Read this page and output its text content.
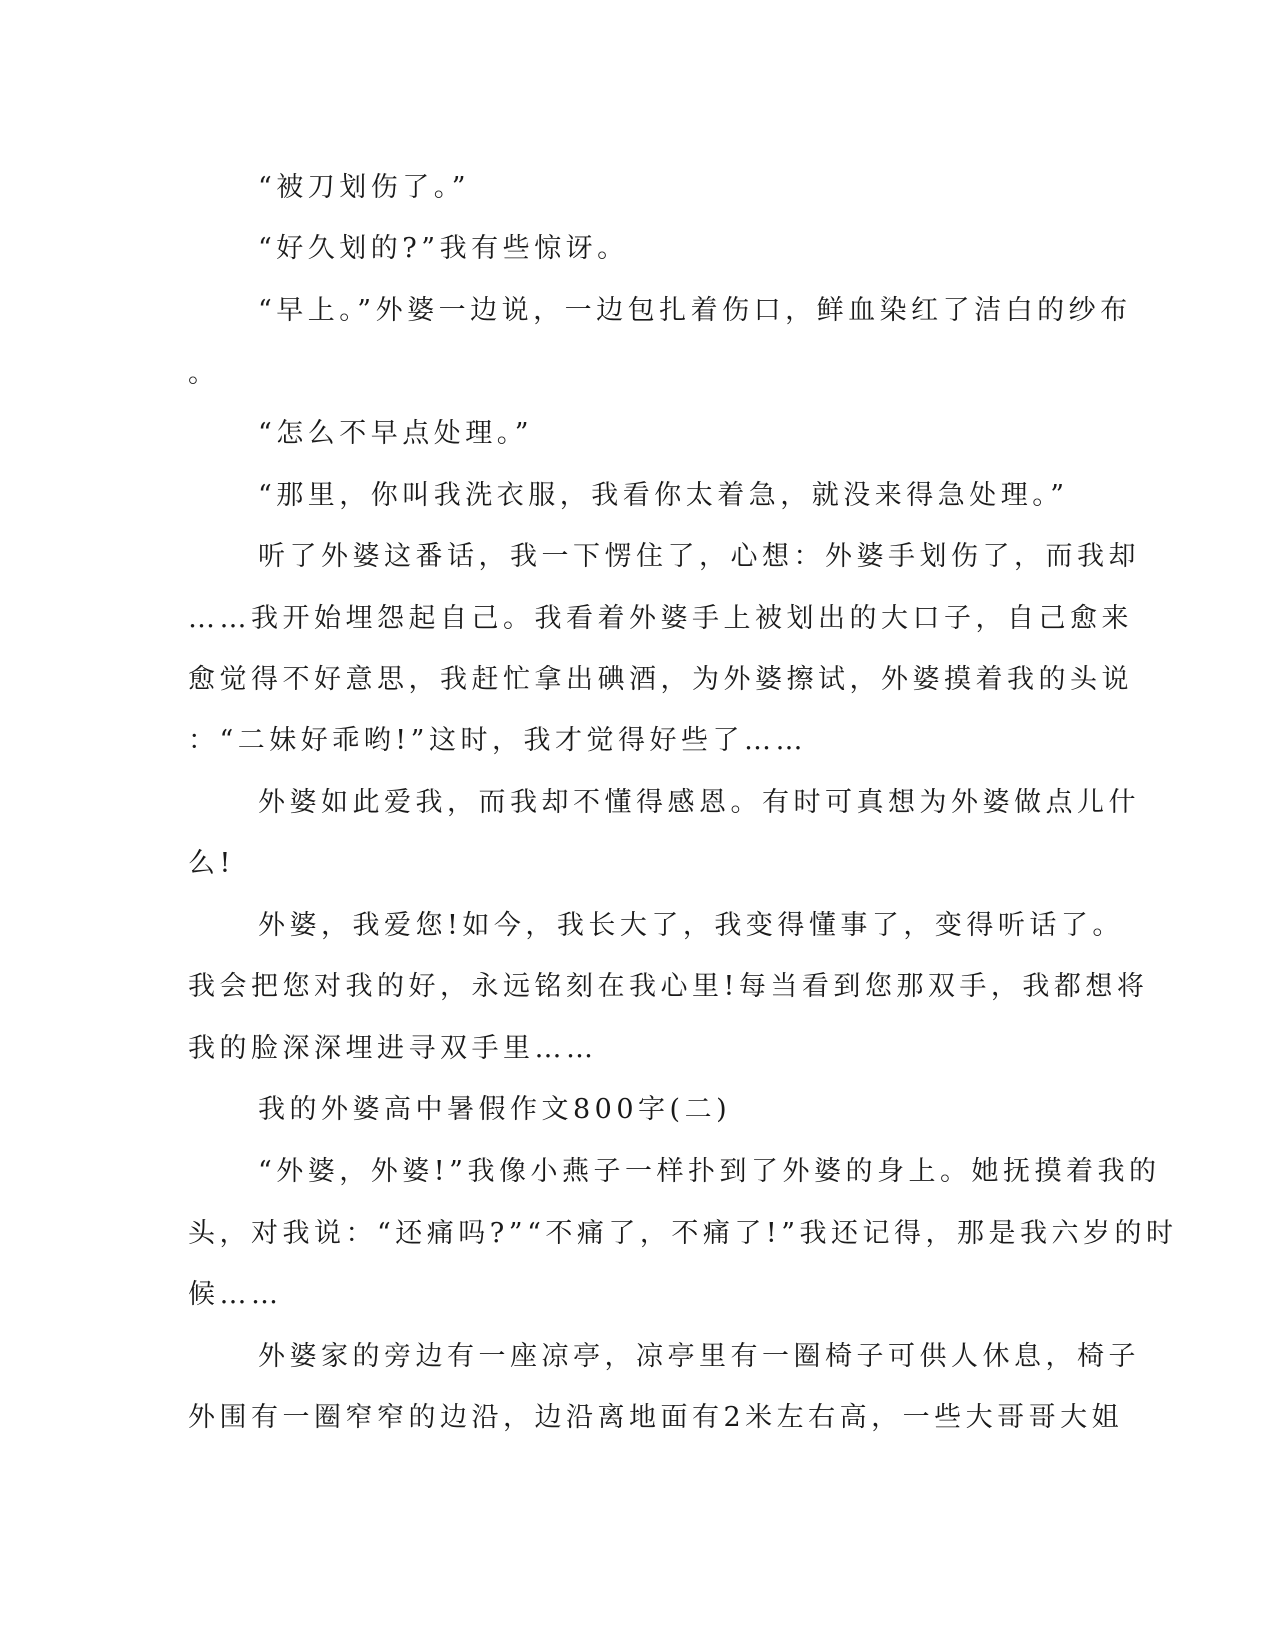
“被刀划伤了。”
“好久划的?”我有些惊讶。
“早上。”外婆一边说，一边包扎着伤口，鲜血染红了洁白的纱布
。
“怎么不早点处理。”
“那里，你叫我洗衣服，我看你太着急，就没来得急处理。”
听了外婆这番话，我一下愣住了，心想：外婆手划伤了，而我却
……我开始埋怨起自己。我看着外婆手上被划出的大口子，自己愈来
愈觉得不好意思，我赶忙拿出碘酒，为外婆擦试，外婆摸着我的头说
：“二妹好乖哟!”这时，我才觉得好些了……
外婆如此爱我，而我却不懂得感恩。有时可真想为外婆做点儿什
么!
外婆，我爱您!如今，我长大了，我变得懂事了，变得听话了。
我会把您对我的好，永远铭刻在我心里!每当看到您那双手，我都想将
我的脸深深埋进寻双手里……
我的外婆高中暑假作文800字(二)
“外婆，外婆!”我像小燕子一样扑到了外婆的身上。她抚摸着我的
头，对我说：“还痛吗?”“不痛了，不痛了!”我还记得，那是我六岁的时
候……
外婆家的旁边有一座凉亭，凉亭里有一圈椅子可供人休息，椅子
外围有一圈窄窄的边沿，边沿离地面有2米左右高，一些大哥哥大姐
